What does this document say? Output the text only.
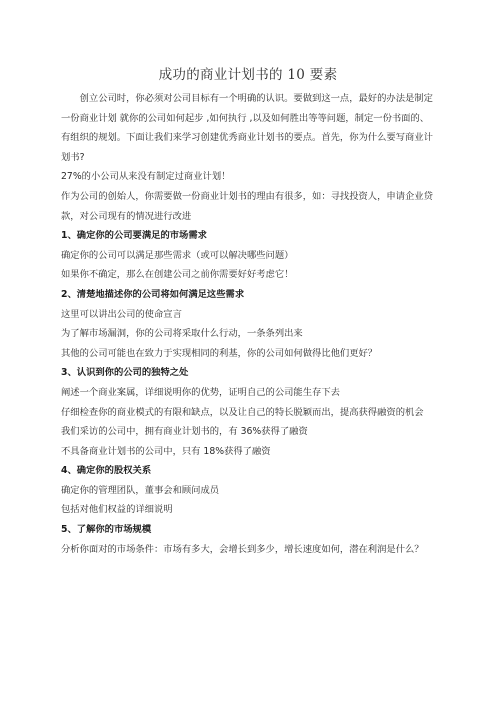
成功的商业计划书的 10 要素

创立公司时，你必须对公司目标有一个明确的认识。要做到这一点，最好的办法是制定一份商业计划 就你的公司如何起步 ,如何执行 ,以及如何胜出等等问题，制定一份书面的、有组织的规划。下面让我们来学习创建优秀商业计划书的要点。首先，你为什么要写商业计划书?

27%的小公司从来没有制定过商业计划！

作为公司的创始人，你需要做一份商业计划书的理由有很多，如：寻找投资人，申请企业贷款，对公司现有的情况进行改进

1、确定你的公司要满足的市场需求

确定你的公司可以满足那些需求（或可以解决哪些问题）

如果你不确定，那么在创建公司之前你需要好好考虑它！

2、清楚地描述你的公司将如何满足这些需求

这里可以讲出公司的使命宣言

为了解市场漏洞，你的公司将采取什么行动，一条条列出来

其他的公司可能也在致力于实现相同的利基，你的公司如何做得比他们更好？

3、认识到你的公司的独特之处

阐述一个商业案属，详细说明你的优势，证明自己的公司能生存下去

仔细检查你的商业模式的有限和缺点，以及让自己的特长脱颖而出，提高获得融资的机会

我们采访的公司中，拥有商业计划书的，有 36%获得了融资

不具备商业计划书的公司中，只有 18%获得了融资

4、确定你的股权关系

确定你的管理团队，董事会和顾问成员

包括对他们权益的详细说明

5、了解你的市场规模

分析你面对的市场条件：市场有多大，会增长到多少，增长速度如何，潜在利润是什么？
